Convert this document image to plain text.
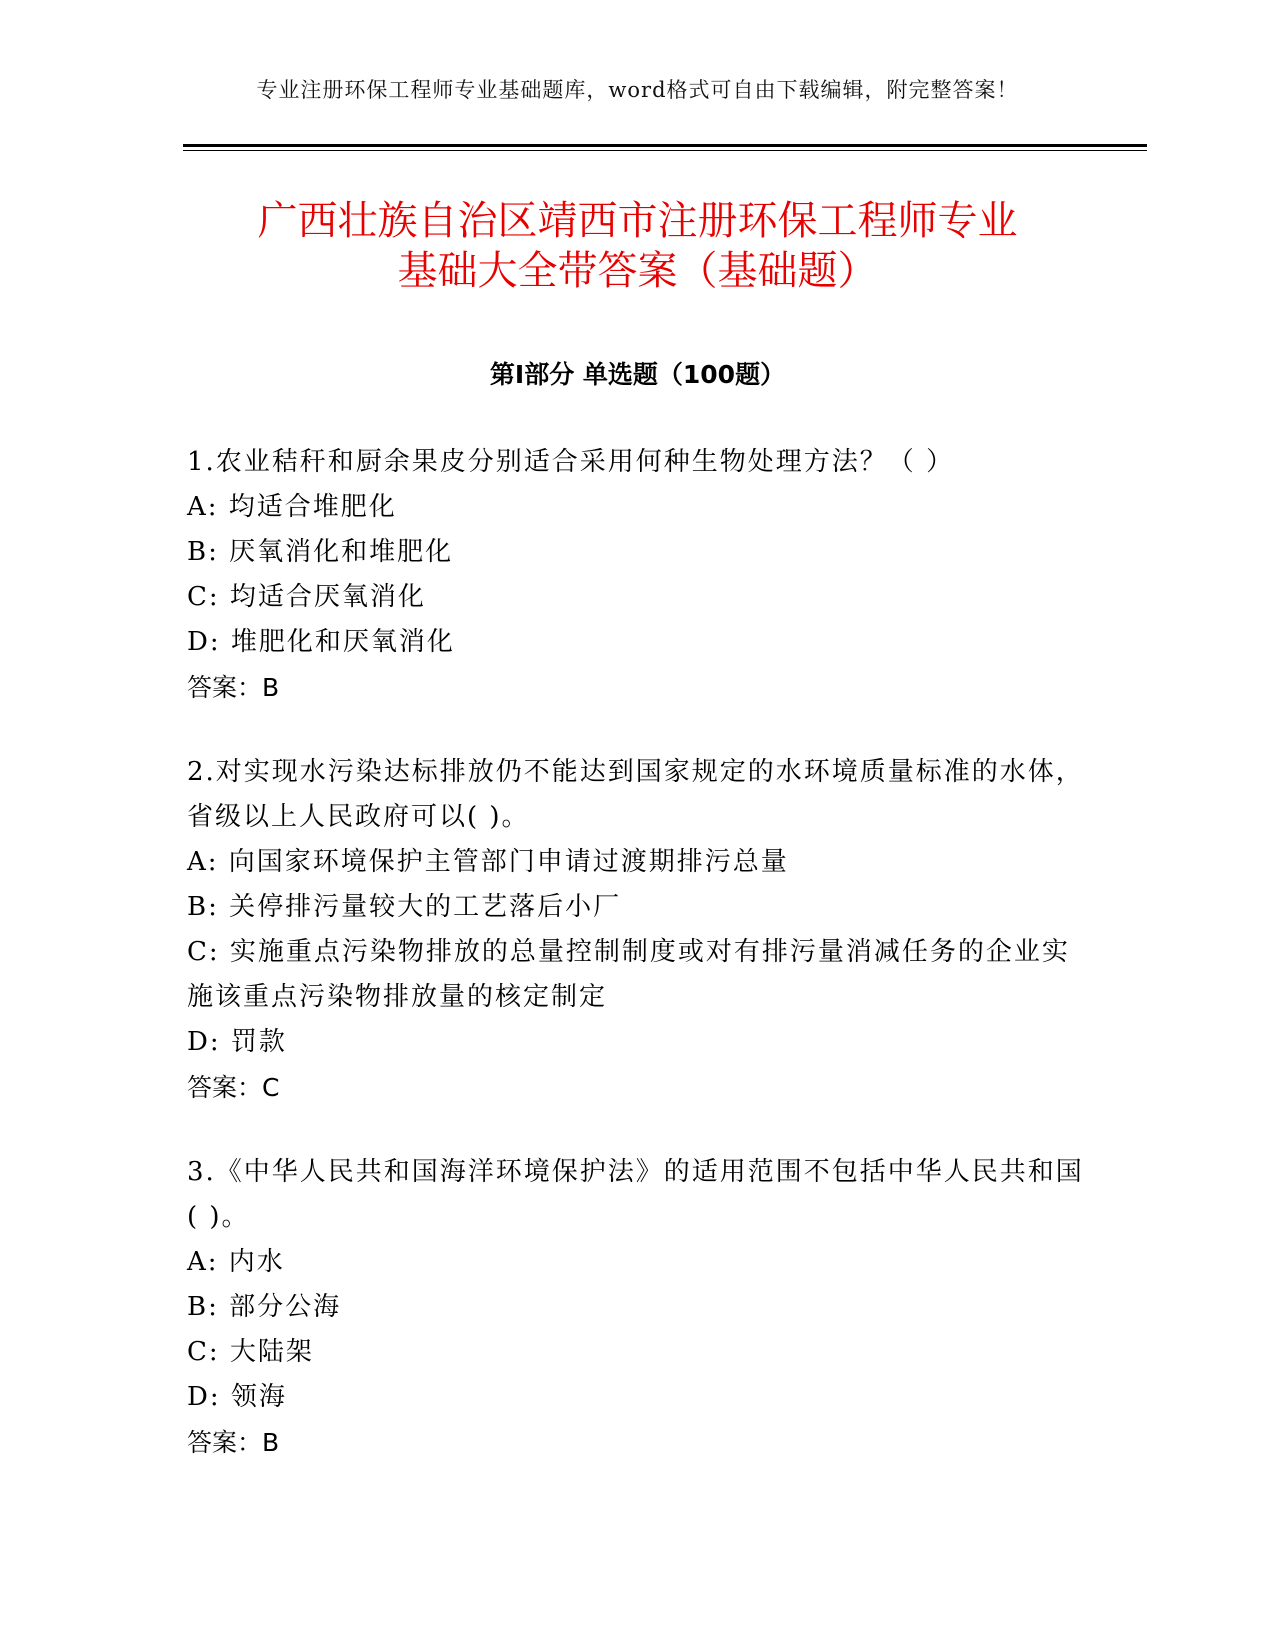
专业注册环保工程师专业基础题库，word格式可自由下载编辑，附完整答案！
广西壮族自治区靖西市注册环保工程师专业
基础大全带答案（基础题）
第I部分 单选题（100题）

1.农业秸秆和厨余果皮分别适合采用何种生物处理方法？（ ）

A: 均适合堆肥化

B: 厌氧消化和堆肥化

C: 均适合厌氧消化

D: 堆肥化和厌氧消化

答案：B

2.对实现水污染达标排放仍不能达到国家规定的水环境质量标准的水体，省级以上人民政府可以( )。

A: 向国家环境保护主管部门申请过渡期排污总量

B: 关停排污量较大的工艺落后小厂

C: 实施重点污染物排放的总量控制制度或对有排污量消减任务的企业实施该重点污染物排放量的核定制定

D: 罚款

答案：C

3.《中华人民共和国海洋环境保护法》的适用范围不包括中华人民共和国( )。

A: 内水

B: 部分公海

C: 大陆架

D: 领海

答案：B
